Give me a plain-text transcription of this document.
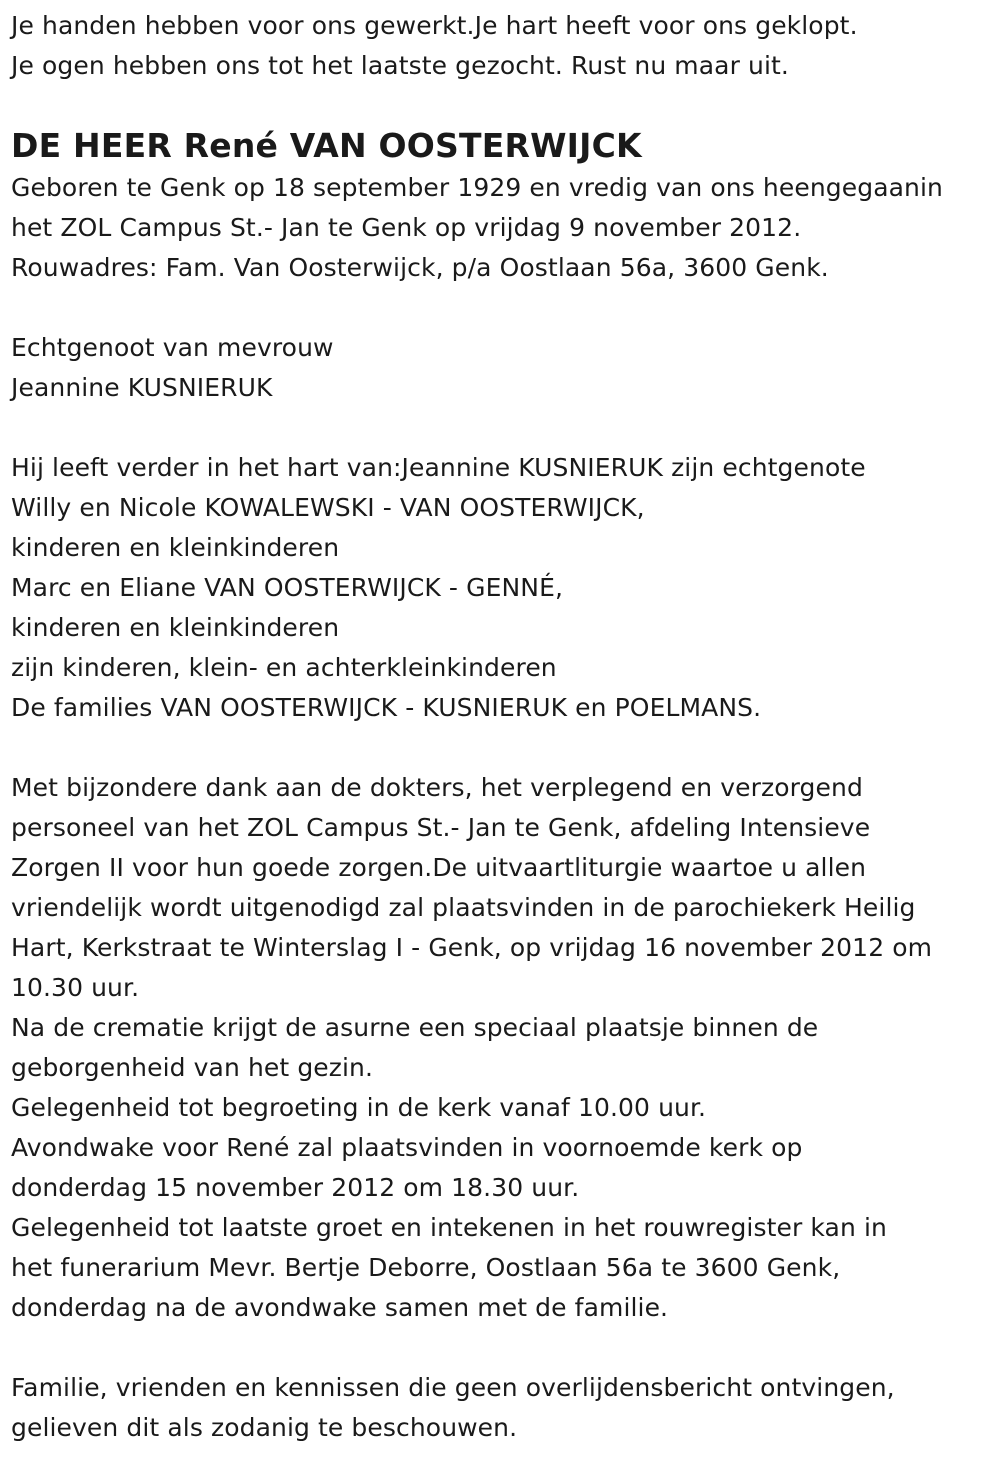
Je handen hebben voor ons gewerkt.Je hart heeft voor ons geklopt.
Je ogen hebben ons tot het laatste gezocht. Rust nu maar uit.
DE HEER René VAN OOSTERWIJCK
Geboren te Genk op 18 september 1929 en vredig van ons heengegaanin
het ZOL Campus St.- Jan te Genk op vrijdag 9 november 2012.
Rouwadres: Fam. Van Oosterwijck, p/a Oostlaan 56a, 3600 Genk.
Echtgenoot van mevrouw
Jeannine KUSNIERUK
Hij leeft verder in het hart van:Jeannine KUSNIERUK zijn echtgenote
Willy en Nicole KOWALEWSKI - VAN OOSTERWIJCK,
kinderen en kleinkinderen
Marc en Eliane VAN OOSTERWIJCK - GENNÉ,
kinderen en kleinkinderen
zijn kinderen, klein- en achterkleinkinderen
De families VAN OOSTERWIJCK - KUSNIERUK en POELMANS.
Met bijzondere dank aan de dokters, het verplegend en verzorgend
personeel van het ZOL Campus St.- Jan te Genk, afdeling Intensieve
Zorgen II voor hun goede zorgen.De uitvaartliturgie waartoe u allen
vriendelijk wordt uitgenodigd zal plaatsvinden in de parochiekerk Heilig
Hart, Kerkstraat te Winterslag I - Genk, op vrijdag 16 november 2012 om
10.30 uur.
Na de crematie krijgt de asurne een speciaal plaatsje binnen de
geborgenheid van het gezin.
Gelegenheid tot begroeting in de kerk vanaf 10.00 uur.
Avondwake voor René zal plaatsvinden in voornoemde kerk op
donderdag 15 november 2012 om 18.30 uur.
Gelegenheid tot laatste groet en intekenen in het rouwregister kan in
het funerarium Mevr. Bertje Deborre, Oostlaan 56a te 3600 Genk,
donderdag na de avondwake samen met de familie.
Familie, vrienden en kennissen die geen overlijdensbericht ontvingen,
gelieven dit als zodanig te beschouwen.
